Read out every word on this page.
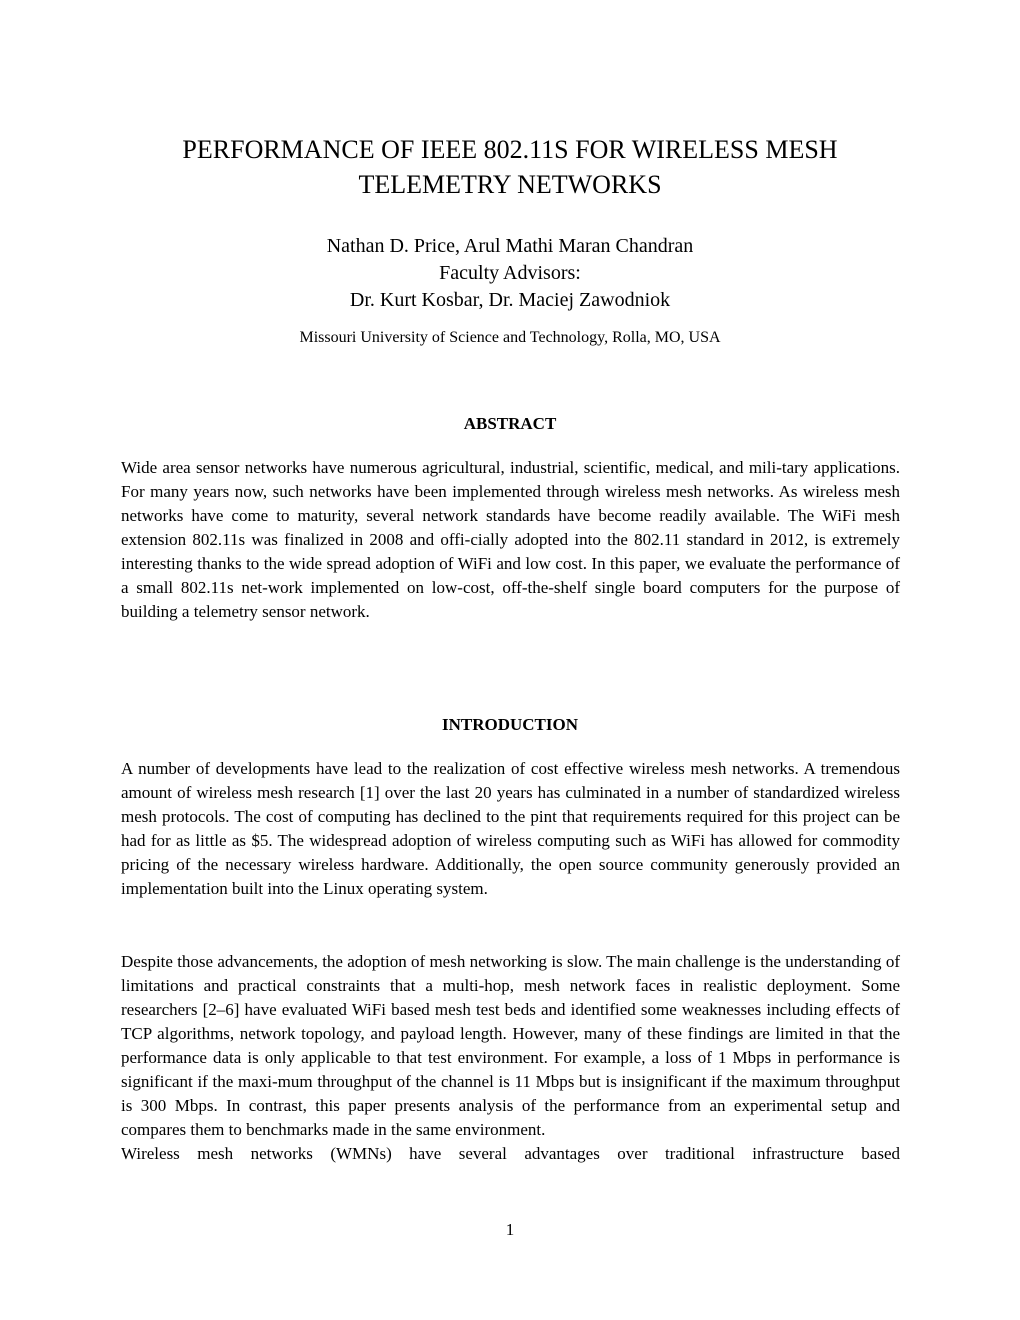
PERFORMANCE OF IEEE 802.11S FOR WIRELESS MESH
TELEMETRY NETWORKS
Nathan D. Price, Arul Mathi Maran Chandran
Faculty Advisors:
Dr. Kurt Kosbar, Dr. Maciej Zawodniok
Missouri University of Science and Technology, Rolla, MO, USA
ABSTRACT

Wide area sensor networks have numerous agricultural, industrial, scientific, medical, and mili-tary applications. For many years now, such networks have been implemented through wireless mesh networks. As wireless mesh networks have come to maturity, several network standards have become readily available. The WiFi mesh extension 802.11s was finalized in 2008 and offi-cially adopted into the 802.11 standard in 2012, is extremely interesting thanks to the wide spread adoption of WiFi and low cost. In this paper, we evaluate the performance of a small 802.11s net-work implemented on low-cost, off-the-shelf single board computers for the purpose of building a telemetry sensor network.

INTRODUCTION

A number of developments have lead to the realization of cost effective wireless mesh networks. A tremendous amount of wireless mesh research [1] over the last 20 years has culminated in a number of standardized wireless mesh protocols. The cost of computing has declined to the pint that requirements required for this project can be had for as little as $5. The widespread adoption of wireless computing such as WiFi has allowed for commodity pricing of the necessary wireless hardware. Additionally, the open source community generously provided an implementation built into the Linux operating system.

Despite those advancements, the adoption of mesh networking is slow. The main challenge is the understanding of limitations and practical constraints that a multi-hop, mesh network faces in realistic deployment. Some researchers [2–6] have evaluated WiFi based mesh test beds and identified some weaknesses including effects of TCP algorithms, network topology, and payload length. However, many of these findings are limited in that the performance data is only applicable to that test environment. For example, a loss of 1 Mbps in performance is significant if the maxi-mum throughput of the channel is 11 Mbps but is insignificant if the maximum throughput is 300 Mbps. In contrast, this paper presents analysis of the performance from an experimental setup and compares them to benchmarks made in the same environment.
Wireless mesh networks (WMNs) have several advantages over traditional infrastructure based
1
